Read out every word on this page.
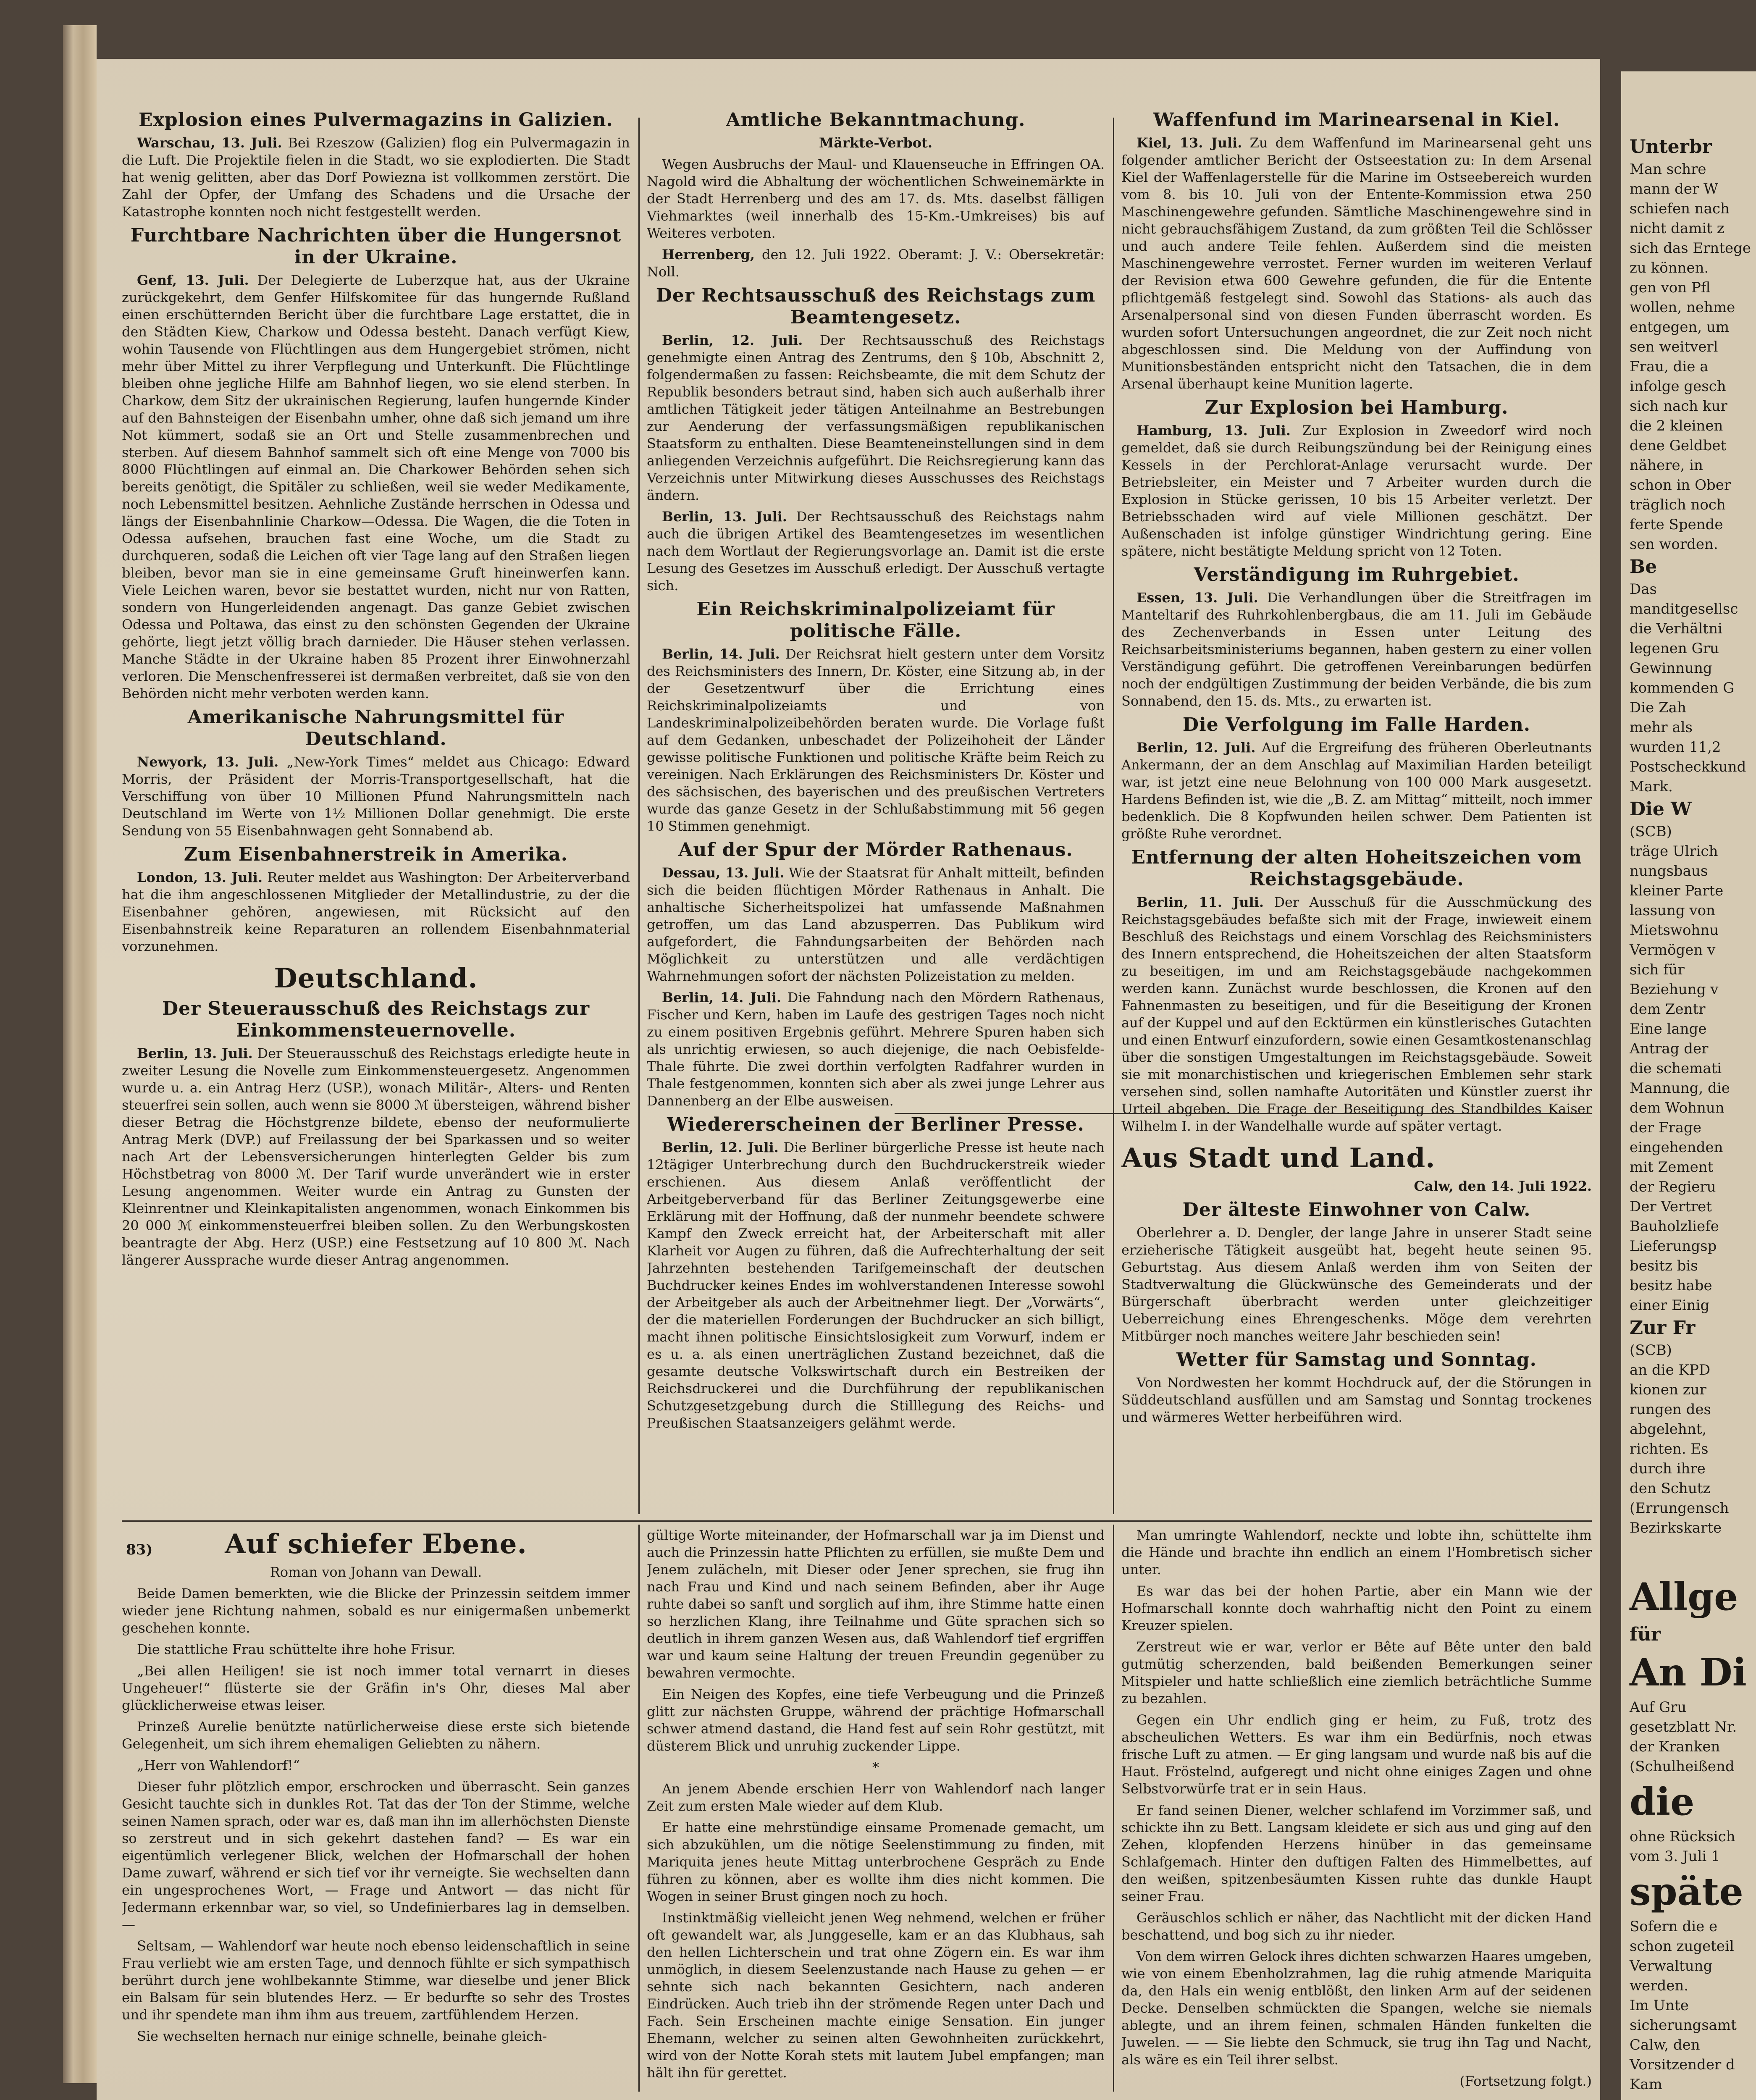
Explosion eines Pulvermagazins in Galizien.

Warschau, 13. Juli. Bei Rzeszow (Galizien) flog ein Pulvermagazin in die Luft. Die Projektile fielen in die Stadt, wo sie explodierten. Die Stadt hat wenig gelitten, aber das Dorf Powiezna ist vollkommen zerstört. Die Zahl der Opfer, der Umfang des Schadens und die Ursache der Katastrophe konnten noch nicht festgestellt werden.

Furchtbare Nachrichten über die Hungersnot in der Ukraine.

Genf, 13. Juli. Der Delegierte de Luberzque hat, aus der Ukraine zurückgekehrt, dem Genfer Hilfskomitee für das hungernde Rußland einen erschütternden Bericht über die furchtbare Lage erstattet, die in den Städten Kiew, Charkow und Odessa besteht. Danach verfügt Kiew, wohin Tausende von Flüchtlingen aus dem Hungergebiet strömen, nicht mehr über Mittel zu ihrer Verpflegung und Unterkunft. Die Flüchtlinge bleiben ohne jegliche Hilfe am Bahnhof liegen, wo sie elend sterben. In Charkow, dem Sitz der ukrainischen Regierung, laufen hungernde Kinder auf den Bahnsteigen der Eisenbahn umher, ohne daß sich jemand um ihre Not kümmert, sodaß sie an Ort und Stelle zusammenbrechen und sterben. Auf diesem Bahnhof sammelt sich oft eine Menge von 7000 bis 8000 Flüchtlingen auf einmal an. Die Charkower Behörden sehen sich bereits genötigt, die Spitäler zu schließen, weil sie weder Medikamente, noch Lebensmittel besitzen. Aehnliche Zustände herrschen in Odessa und längs der Eisenbahnlinie Charkow—Odessa. Die Wagen, die die Toten in Odessa aufsehen, brauchen fast eine Woche, um die Stadt zu durchqueren, sodaß die Leichen oft vier Tage lang auf den Straßen liegen bleiben, bevor man sie in eine gemeinsame Gruft hineinwerfen kann. Viele Leichen waren, bevor sie bestattet wurden, nicht nur von Ratten, sondern von Hungerleidenden angenagt. Das ganze Gebiet zwischen Odessa und Poltawa, das einst zu den schönsten Gegenden der Ukraine gehörte, liegt jetzt völlig brach darnieder. Die Häuser stehen verlassen. Manche Städte in der Ukraine haben 85 Prozent ihrer Einwohnerzahl verloren. Die Menschenfresserei ist dermaßen verbreitet, daß sie von den Behörden nicht mehr verboten werden kann.

Amerikanische Nahrungsmittel für Deutschland.

Newyork, 13. Juli. „New-York Times“ meldet aus Chicago: Edward Morris, der Präsident der Morris-Transportgesellschaft, hat die Verschiffung von über 10 Millionen Pfund Nahrungsmitteln nach Deutschland im Werte von 1½ Millionen Dollar genehmigt. Die erste Sendung von 55 Eisenbahnwagen geht Sonnabend ab.

Zum Eisenbahnerstreik in Amerika.

London, 13. Juli. Reuter meldet aus Washington: Der Arbeiterverband hat die ihm angeschlossenen Mitglieder der Metallindustrie, zu der die Eisenbahner gehören, angewiesen, mit Rücksicht auf den Eisenbahnstreik keine Reparaturen an rollendem Eisenbahnmaterial vorzunehmen.

Deutschland.
Der Steuerausschuß des Reichstags zur Einkommensteuernovelle.

Berlin, 13. Juli. Der Steuerausschuß des Reichstags erledigte heute in zweiter Lesung die Novelle zum Einkommensteuergesetz. Angenommen wurde u. a. ein Antrag Herz (USP.), wonach Militär-, Alters- und Renten steuerfrei sein sollen, auch wenn sie 8000 ℳ übersteigen, während bisher dieser Betrag die Höchstgrenze bildete, ebenso der neuformulierte Antrag Merk (DVP.) auf Freilassung der bei Sparkassen und so weiter nach Art der Lebensversicherungen hinterlegten Gelder bis zum Höchstbetrag von 8000 ℳ. Der Tarif wurde unverändert wie in erster Lesung angenommen. Weiter wurde ein Antrag zu Gunsten der Kleinrentner und Kleinkapitalisten angenommen, wonach Einkommen bis 20 000 ℳ einkommensteuerfrei bleiben sollen. Zu den Werbungskosten beantragte der Abg. Herz (USP.) eine Festsetzung auf 10 800 ℳ. Nach längerer Aussprache wurde dieser Antrag angenommen.

Amtliche Bekanntmachung.

Märkte-Verbot.

Wegen Ausbruchs der Maul- und Klauenseuche in Effringen OA. Nagold wird die Abhaltung der wöchentlichen Schweinemärkte in der Stadt Herrenberg und des am 17. ds. Mts. daselbst fälligen Viehmarktes (weil innerhalb des 15-Km.-Umkreises) bis auf Weiteres verboten.

Herrenberg, den 12. Juli 1922. Oberamt: J. V.: Obersekretär: Noll.

Der Rechtsausschuß des Reichstags zum Beamtengesetz.

Berlin, 12. Juli. Der Rechtsausschuß des Reichstags genehmigte einen Antrag des Zentrums, den § 10b, Abschnitt 2, folgendermaßen zu fassen: Reichsbeamte, die mit dem Schutz der Republik besonders betraut sind, haben sich auch außerhalb ihrer amtlichen Tätigkeit jeder tätigen Anteilnahme an Bestrebungen zur Aenderung der verfassungsmäßigen republikanischen Staatsform zu enthalten. Diese Beamteneinstellungen sind in dem anliegenden Verzeichnis aufgeführt. Die Reichsregierung kann das Verzeichnis unter Mitwirkung dieses Ausschusses des Reichstags ändern.

Berlin, 13. Juli. Der Rechtsausschuß des Reichstags nahm auch die übrigen Artikel des Beamtengesetzes im wesentlichen nach dem Wortlaut der Regierungsvorlage an. Damit ist die erste Lesung des Gesetzes im Ausschuß erledigt. Der Ausschuß vertagte sich.

Ein Reichskriminalpolizeiamt für politische Fälle.

Berlin, 14. Juli. Der Reichsrat hielt gestern unter dem Vorsitz des Reichsministers des Innern, Dr. Köster, eine Sitzung ab, in der der Gesetzentwurf über die Errichtung eines Reichskriminalpolizeiamts und von Landeskriminalpolizeibehörden beraten wurde. Die Vorlage fußt auf dem Gedanken, unbeschadet der Polizeihoheit der Länder gewisse politische Funktionen und politische Kräfte beim Reich zu vereinigen. Nach Erklärungen des Reichsministers Dr. Köster und des sächsischen, des bayerischen und des preußischen Vertreters wurde das ganze Gesetz in der Schlußabstimmung mit 56 gegen 10 Stimmen genehmigt.

Auf der Spur der Mörder Rathenaus.

Dessau, 13. Juli. Wie der Staatsrat für Anhalt mitteilt, befinden sich die beiden flüchtigen Mörder Rathenaus in Anhalt. Die anhaltische Sicherheitspolizei hat umfassende Maßnahmen getroffen, um das Land abzusperren. Das Publikum wird aufgefordert, die Fahndungsarbeiten der Behörden nach Möglichkeit zu unterstützen und alle verdächtigen Wahrnehmungen sofort der nächsten Polizeistation zu melden.

Berlin, 14. Juli. Die Fahndung nach den Mördern Rathenaus, Fischer und Kern, haben im Laufe des gestrigen Tages noch nicht zu einem positiven Ergebnis geführt. Mehrere Spuren haben sich als unrichtig erwiesen, so auch diejenige, die nach Oebisfelde-Thale führte. Die zwei dorthin verfolgten Radfahrer wurden in Thale festgenommen, konnten sich aber als zwei junge Lehrer aus Dannenberg an der Elbe ausweisen.

Wiedererscheinen der Berliner Presse.

Berlin, 12. Juli. Die Berliner bürgerliche Presse ist heute nach 12tägiger Unterbrechung durch den Buchdruckerstreik wieder erschienen. Aus diesem Anlaß veröffentlicht der Arbeitgeberverband für das Berliner Zeitungsgewerbe eine Erklärung mit der Hoffnung, daß der nunmehr beendete schwere Kampf den Zweck erreicht hat, der Arbeiterschaft mit aller Klarheit vor Augen zu führen, daß die Aufrechterhaltung der seit Jahrzehnten bestehenden Tarifgemeinschaft der deutschen Buchdrucker keines Endes im wohlverstandenen Interesse sowohl der Arbeitgeber als auch der Arbeitnehmer liegt. Der „Vorwärts“, der die materiellen Forderungen der Buchdrucker an sich billigt, macht ihnen politische Einsichtslosigkeit zum Vorwurf, indem er es u. a. als einen unerträglichen Zustand bezeichnet, daß die gesamte deutsche Volkswirtschaft durch ein Bestreiken der Reichsdruckerei und die Durchführung der republikanischen Schutzgesetzgebung durch die Stilllegung des Reichs- und Preußischen Staatsanzeigers gelähmt werde.

Waffenfund im Marinearsenal in Kiel.

Kiel, 13. Juli. Zu dem Waffenfund im Marinearsenal geht uns folgender amtlicher Bericht der Ostseestation zu: In dem Arsenal Kiel der Waffenlagerstelle für die Marine im Ostseebereich wurden vom 8. bis 10. Juli von der Entente-Kommission etwa 250 Maschinengewehre gefunden. Sämtliche Maschinengewehre sind in nicht gebrauchsfähigem Zustand, da zum größten Teil die Schlösser und auch andere Teile fehlen. Außerdem sind die meisten Maschinengewehre verrostet. Ferner wurden im weiteren Verlauf der Revision etwa 600 Gewehre gefunden, die für die Entente pflichtgemäß festgelegt sind. Sowohl das Stations- als auch das Arsenalpersonal sind von diesen Funden überrascht worden. Es wurden sofort Untersuchungen angeordnet, die zur Zeit noch nicht abgeschlossen sind. Die Meldung von der Auffindung von Munitionsbeständen entspricht nicht den Tatsachen, die in dem Arsenal überhaupt keine Munition lagerte.

Zur Explosion bei Hamburg.

Hamburg, 13. Juli. Zur Explosion in Zweedorf wird noch gemeldet, daß sie durch Reibungszündung bei der Reinigung eines Kessels in der Perchlorat-Anlage verursacht wurde. Der Betriebsleiter, ein Meister und 7 Arbeiter wurden durch die Explosion in Stücke gerissen, 10 bis 15 Arbeiter verletzt. Der Betriebsschaden wird auf viele Millionen geschätzt. Der Außenschaden ist infolge günstiger Windrichtung gering. Eine spätere, nicht bestätigte Meldung spricht von 12 Toten.

Verständigung im Ruhrgebiet.

Essen, 13. Juli. Die Verhandlungen über die Streitfragen im Manteltarif des Ruhrkohlenbergbaus, die am 11. Juli im Gebäude des Zechenverbands in Essen unter Leitung des Reichsarbeitsministeriums begannen, haben gestern zu einer vollen Verständigung geführt. Die getroffenen Vereinbarungen bedürfen noch der endgültigen Zustimmung der beiden Verbände, die bis zum Sonnabend, den 15. ds. Mts., zu erwarten ist.

Die Verfolgung im Falle Harden.

Berlin, 12. Juli. Auf die Ergreifung des früheren Oberleutnants Ankermann, der an dem Anschlag auf Maximilian Harden beteiligt war, ist jetzt eine neue Belohnung von 100 000 Mark ausgesetzt. Hardens Befinden ist, wie die „B. Z. am Mittag“ mitteilt, noch immer bedenklich. Die 8 Kopfwunden heilen schwer. Dem Patienten ist größte Ruhe verordnet.

Entfernung der alten Hoheitszeichen vom Reichstagsgebäude.

Berlin, 11. Juli. Der Ausschuß für die Ausschmückung des Reichstagsgebäudes befaßte sich mit der Frage, inwieweit einem Beschluß des Reichstags und einem Vorschlag des Reichsministers des Innern entsprechend, die Hoheitszeichen der alten Staatsform zu beseitigen, im und am Reichstagsgebäude nachgekommen werden kann. Zunächst wurde beschlossen, die Kronen auf den Fahnenmasten zu beseitigen, und für die Beseitigung der Kronen auf der Kuppel und auf den Ecktürmen ein künstlerisches Gutachten und einen Entwurf einzufordern, sowie einen Gesamtkostenanschlag über die sonstigen Umgestaltungen im Reichstagsgebäude. Soweit sie mit monarchistischen und kriegerischen Emblemen sehr stark versehen sind, sollen namhafte Autoritäten und Künstler zuerst ihr Urteil abgeben. Die Frage der Beseitigung des Standbildes Kaiser Wilhelm I. in der Wandelhalle wurde auf später vertagt.

Aus Stadt und Land.

Calw, den 14. Juli 1922.

Der älteste Einwohner von Calw.

Oberlehrer a. D. Dengler, der lange Jahre in unserer Stadt seine erzieherische Tätigkeit ausgeübt hat, begeht heute seinen 95. Geburtstag. Aus diesem Anlaß werden ihm von Seiten der Stadtverwaltung die Glückwünsche des Gemeinderats und der Bürgerschaft überbracht werden unter gleichzeitiger Ueberreichung eines Ehrengeschenks. Möge dem verehrten Mitbürger noch manches weitere Jahr beschieden sein!

Wetter für Samstag und Sonntag.

Von Nordwesten her kommt Hochdruck auf, der die Störungen in Süddeutschland ausfüllen und am Samstag und Sonntag trockenes und wärmeres Wetter herbeiführen wird.

83)	Auf schiefer Ebene.

Roman von Johann van Dewall.

Beide Damen bemerkten, wie die Blicke der Prinzessin seitdem immer wieder jene Richtung nahmen, sobald es nur einigermaßen unbemerkt geschehen konnte.

Die stattliche Frau schüttelte ihre hohe Frisur.

„Bei allen Heiligen! sie ist noch immer total vernarrt in dieses Ungeheuer!“ flüsterte sie der Gräfin in's Ohr, dieses Mal aber glücklicherweise etwas leiser.

Prinzeß Aurelie benützte natürlicherweise diese erste sich bietende Gelegenheit, um sich ihrem ehemaligen Geliebten zu nähern.

„Herr von Wahlendorf!“

Dieser fuhr plötzlich empor, erschrocken und überrascht. Sein ganzes Gesicht tauchte sich in dunkles Rot. Tat das der Ton der Stimme, welche seinen Namen sprach, oder war es, daß man ihn im allerhöchsten Dienste so zerstreut und in sich gekehrt dastehen fand? — Es war ein eigentümlich verlegener Blick, welchen der Hofmarschall der hohen Dame zuwarf, während er sich tief vor ihr verneigte. Sie wechselten dann ein ungesprochenes Wort, — Frage und Antwort — das nicht für Jedermann erkennbar war, so viel, so Undefinierbares lag in demselben. —

Seltsam, — Wahlendorf war heute noch ebenso leidenschaftlich in seine Frau verliebt wie am ersten Tage, und dennoch fühlte er sich sympathisch berührt durch jene wohlbekannte Stimme, war dieselbe und jener Blick ein Balsam für sein blutendes Herz. — Er bedurfte so sehr des Trostes und ihr spendete man ihm ihm aus treuem, zartfühlendem Herzen.

Sie wechselten hernach nur einige schnelle, beinahe gleich-

gültige Worte miteinander, der Hofmarschall war ja im Dienst und auch die Prinzessin hatte Pflichten zu erfüllen, sie mußte Dem und Jenem zulächeln, mit Dieser oder Jener sprechen, sie frug ihn nach Frau und Kind und nach seinem Befinden, aber ihr Auge ruhte dabei so sanft und sorglich auf ihm, ihre Stimme hatte einen so herzlichen Klang, ihre Teilnahme und Güte sprachen sich so deutlich in ihrem ganzen Wesen aus, daß Wahlendorf tief ergriffen war und kaum seine Haltung der treuen Freundin gegenüber zu bewahren vermochte.

Ein Neigen des Kopfes, eine tiefe Verbeugung und die Prinzeß glitt zur nächsten Gruppe, während der prächtige Hofmarschall schwer atmend dastand, die Hand fest auf sein Rohr gestützt, mit düsterem Blick und unruhig zuckender Lippe.

*

An jenem Abende erschien Herr von Wahlendorf nach langer Zeit zum ersten Male wieder auf dem Klub.

Er hatte eine mehrstündige einsame Promenade gemacht, um sich abzukühlen, um die nötige Seelenstimmung zu finden, mit Mariquita jenes heute Mittag unterbrochene Gespräch zu Ende führen zu können, aber es wollte ihm dies nicht kommen. Die Wogen in seiner Brust gingen noch zu hoch.

Instinktmäßig vielleicht jenen Weg nehmend, welchen er früher oft gewandelt war, als Junggeselle, kam er an das Klubhaus, sah den hellen Lichterschein und trat ohne Zögern ein. Es war ihm unmöglich, in diesem Seelenzustande nach Hause zu gehen — er sehnte sich nach bekannten Gesichtern, nach anderen Eindrücken. Auch trieb ihn der strömende Regen unter Dach und Fach. Sein Erscheinen machte einige Sensation. Ein junger Ehemann, welcher zu seinen alten Gewohnheiten zurückkehrt, wird von der Notte Korah stets mit lautem Jubel empfangen; man hält ihn für gerettet.

Man umringte Wahlendorf, neckte und lobte ihn, schüttelte ihm die Hände und brachte ihn endlich an einem l'Hombretisch sicher unter.

Es war das bei der hohen Partie, aber ein Mann wie der Hofmarschall konnte doch wahrhaftig nicht den Point zu einem Kreuzer spielen.

Zerstreut wie er war, verlor er Bête auf Bête unter den bald gutmütig scherzenden, bald beißenden Bemerkungen seiner Mitspieler und hatte schließlich eine ziemlich beträchtliche Summe zu bezahlen.

Gegen ein Uhr endlich ging er heim, zu Fuß, trotz des abscheulichen Wetters. Es war ihm ein Bedürfnis, noch etwas frische Luft zu atmen. — Er ging langsam und wurde naß bis auf die Haut. Fröstelnd, aufgeregt und nicht ohne einiges Zagen und ohne Selbstvorwürfe trat er in sein Haus.

Er fand seinen Diener, welcher schlafend im Vorzimmer saß, und schickte ihn zu Bett. Langsam kleidete er sich aus und ging auf den Zehen, klopfenden Herzens hinüber in das gemeinsame Schlafgemach. Hinter den duftigen Falten des Himmelbettes, auf den weißen, spitzenbesäumten Kissen ruhte das dunkle Haupt seiner Frau.

Geräuschlos schlich er näher, das Nachtlicht mit der dicken Hand beschattend, und bog sich zu ihr nieder.

Von dem wirren Gelock ihres dichten schwarzen Haares umgeben, wie von einem Ebenholzrahmen, lag die ruhig atmende Mariquita da, den Hals ein wenig entblößt, den linken Arm auf der seidenen Decke. Denselben schmückten die Spangen, welche sie niemals ablegte, und an ihrem feinen, schmalen Händen funkelten die Juwelen. — — Sie liebte den Schmuck, sie trug ihn Tag und Nacht, als wäre es ein Teil ihrer selbst.

(Fortsetzung folgt.)

Unterbr
Man schre
mann der W
schiefen nach
nicht damit z
sich das Erntege
zu können.
gen von Pfl
wollen, nehme
entgegen, um
sen weitverl
Frau, die a
infolge gesch
sich nach kur
die 2 kleinen
dene Geldbet
nähere, in
schon in Ober
träglich noch
ferte Spende
sen worden.
Be
Das
manditgesellsc
die Verhältni
legenen Gru
Gewinnung
kommenden G
Die Zah
mehr als
wurden 11,2
Postscheckkund
Mark.
Die W
(SCB)
träge Ulrich
nungsbaus
kleiner Parte
lassung von
Mietswohnu
Vermögen v
sich für
Beziehung v
dem Zentr
Eine lange
Antrag der
die schemati
Mannung, die
dem Wohnun
der Frage
eingehenden
mit Zement
der Regieru
Der Vertret
Bauholzliefe
Lieferungsp
besitz bis
besitz habe
einer Einig
Zur Fr
(SCB)
an die KPD
kionen zur
rungen des
abgelehnt,
richten. Es
durch ihre
den Schutz
(Errungensch
Bezirkskarte
Allge
für
An Di
Auf Gru
gesetzblatt Nr.
der Kranken
(Schulheißend
die
ohne Rücksich
vom 3. Juli 1
späte
Sofern die e
schon zugeteil
Verwaltung
werden.
Im Unte
sicherungsamt
Calw, den
Vorsitzender d
Kam
